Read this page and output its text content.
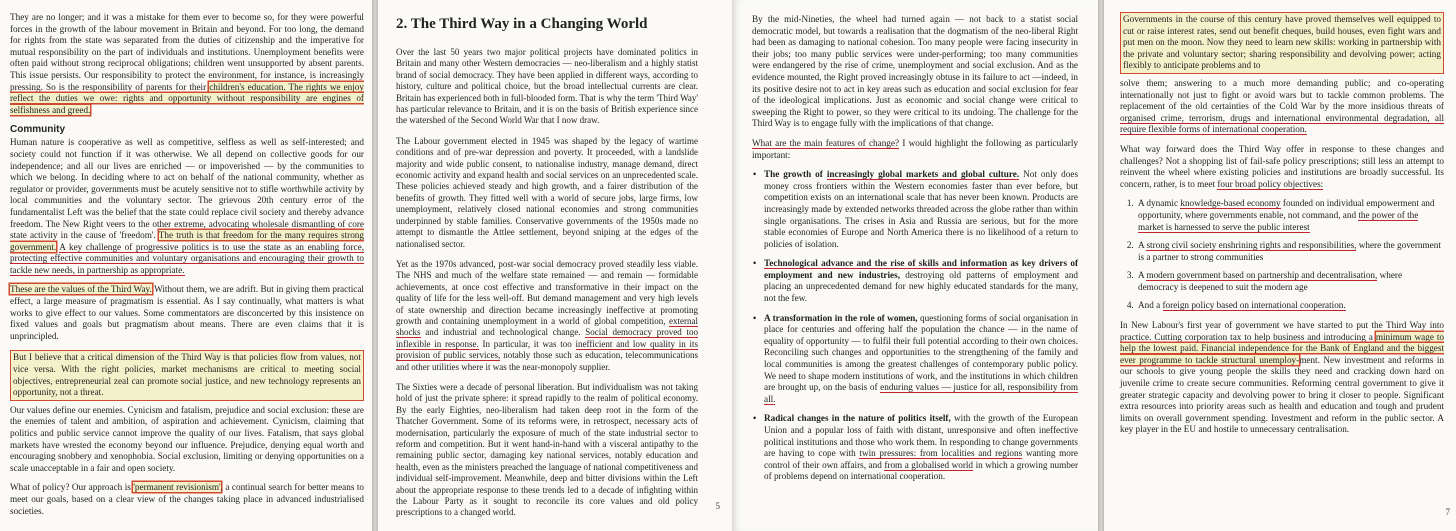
They are no longer; and it was a mistake for them ever to become so, for they were powerful forces in the growth of the labour movement in Britain and beyond. For too long, the demand for rights from the state was separated from the duties of citizenship and the imperative for mutual responsibility on the part of individuals and institutions. Unemployment benefits were often paid without strong reciprocal obligations; children went unsupported by absent parents. This issue persists. Our responsibility to protect the environment, for instance, is increasingly pressing. So is the responsibility of parents for their children's education. The rights we enjoy reflect the duties we owe: rights and opportunity without responsibility are engines of selfishness and greed.

Community

Human nature is cooperative as well as competitive, selfless as well as self-interested; and society could not function if it was otherwise. We all depend on collective goods for our independence; and all our lives are enriched — or impoverished — by the communities to which we belong. In deciding where to act on behalf of the national community, whether as regulator or provider, governments must be acutely sensitive not to stifle worthwhile activity by local communities and the voluntary sector. The grievous 20th century error of the fundamentalist Left was the belief that the state could replace civil society and thereby advance freedom. The New Right veers to the other extreme, advocating wholesale dismantling of core state activity in the cause of 'freedom'. The truth is that freedom for the many requires strong government. A key challenge of progressive politics is to use the state as an enabling force, protecting effective communities and voluntary organisations and encouraging their growth to tackle new needs, in partnership as appropriate.

These are the values of the Third Way. Without them, we are adrift. But in giving them practical effect, a large measure of pragmatism is essential. As I say continually, what matters is what works to give effect to our values. Some commentators are disconcerted by this insistence on fixed values and goals but pragmatism about means. There are even claims that it is unprincipled.

But I believe that a critical dimension of the Third Way is that policies flow from values, not vice versa. With the right policies, market mechanisms are critical to meeting social objectives, entrepreneurial zeal can promote social justice, and new technology represents an opportunity, not a threat.

Our values define our enemies. Cynicism and fatalism, prejudice and social exclusion: these are the enemies of talent and ambition, of aspiration and achievement. Cynicism, claiming that politics and public service cannot improve the quality of our lives. Fatalism, that says global markets have wrested the economy beyond our influence. Prejudice, denying equal worth and encouraging snobbery and xenophobia. Social exclusion, limiting or denying opportunities on a scale unacceptable in a fair and open society.

What of policy? Our approach is 'permanent revisionism', a continual search for better means to meet our goals, based on a clear view of the changes taking place in advanced industrialised societies.

2. The Third Way in a Changing World

Over the last 50 years two major political projects have dominated politics in Britain and many other Western democracies — neo-liberalism and a highly statist brand of social democracy. They have been applied in different ways, according to history, culture and political choice, but the broad intellectual currents are clear. Britain has experienced both in full-blooded form. That is why the term 'Third Way' has particular relevance to Britain, and it is on the basis of British experience since the watershed of the Second World War that I now draw.

The Labour government elected in 1945 was shaped by the legacy of wartime conditions and of pre-war depression and poverty. It proceeded, with a landslide majority and wide public consent, to nationalise industry, manage demand, direct economic activity and expand health and social services on an unprecedented scale. These policies achieved steady and high growth, and a fairer distribution of the benefits of growth. They fitted well with a world of secure jobs, large firms, low unemployment, relatively closed national economies and strong communities underpinned by stable families. Conservative governments of the 1950s made no attempt to dismantle the Attlee settlement, beyond sniping at the edges of the nationalised sector.

Yet as the 1970s advanced, post-war social democracy proved steadily less viable. The NHS and much of the welfare state remained — and remain — formidable achievements, at once cost effective and transformative in their impact on the quality of life for the less well-off. But demand management and very high levels of state ownership and direction became increasingly ineffective at promoting growth and containing unemployment in a world of global competition, external shocks and industrial and technological change. Social democracy proved too inflexible in response. In particular, it was too inefficient and low quality in its provision of public services, notably those such as education, telecommunications and other utilities where it was the near-monopoly supplier.

The Sixties were a decade of personal liberation. But individualism was not taking hold of just the private sphere: it spread rapidly to the realm of political economy. By the early Eighties, neo-liberalism had taken deep root in the form of the Thatcher Government. Some of its reforms were, in retrospect, necessary acts of modernisation, particularly the exposure of much of the state industrial sector to reform and competition. But it went hand-in-hand with a visceral antipathy to the remaining public sector, damaging key national services, notably education and health, even as the ministers preached the language of national competitiveness and individual self-improvement. Meanwhile, deep and bitter divisions within the Left about the appropriate response to these trends led to a decade of infighting within the Labour Party as it sought to reconcile its core values and old policy prescriptions to a changed world.

5

By the mid-Nineties, the wheel had turned again — not back to a statist social democratic model, but towards a realisation that the dogmatism of the neo-liberal Right had been as damaging to national cohesion. Too many people were facing insecurity in their jobs; too many public services were under-performing; too many communities were endangered by the rise of crime, unemployment and social exclusion. And as the evidence mounted, the Right proved increasingly obtuse in its failure to act —indeed, in its positive desire not to act in key areas such as education and social exclusion for fear of the ideological implications. Just as economic and social change were critical to sweeping the Right to power, so they were critical to its undoing. The challenge for the Third Way is to engage fully with the implications of that change.

What are the main features of change? I would highlight the following as particularly important:

• The growth of increasingly global markets and global culture. Not only does money cross frontiers within the Western economies faster than ever before, but competition exists on an international scale that has never been known. Products are increasingly made by extended networks threaded across the globe rather than within single organisations. The crises in Asia and Russia are serious, but for the more stable economies of Europe and North America there is no likelihood of a return to policies of isolation.
• Technological advance and the rise of skills and information as key drivers of employment and new industries, destroying old patterns of employment and placing an unprecedented demand for new highly educated standards for the many, not the few.
• A transformation in the role of women, questioning forms of social organisation in place for centuries and offering half the population the chance — in the name of equality of opportunity — to fulfil their full potential according to their own choices. Reconciling such changes and opportunities to the strengthening of the family and local communities is among the greatest challenges of contemporary public policy. We need to shape modern institutions of work, and the institutions in which children are brought up, on the basis of enduring values — justice for all, responsibility from all.
• Radical changes in the nature of politics itself, with the growth of the European Union and a popular loss of faith with distant, unresponsive and often ineffective political institutions and those who work them. In responding to change governments are having to cope with twin pressures: from localities and regions wanting more control of their own affairs, and from a globalised world in which a growing number of problems depend on international cooperation.

Governments in the course of this century have proved themselves well equipped to cut or raise interest rates, send out benefit cheques, build houses, even fight wars and put men on the moon. Now they need to learn new skills: working in partnership with the private and voluntary sector; sharing responsibility and devolving power; acting flexibly to anticipate problems and to

solve them; answering to a much more demanding public; and co-operating internationally not just to fight or avoid wars but to tackle common problems. The replacement of the old certainties of the Cold War by the more insidious threats of organised crime, terrorism, drugs and international environmental degradation, all require flexible forms of international cooperation.

What way forward does the Third Way offer in response to these changes and challenges? Not a shopping list of fail-safe policy prescriptions; still less an attempt to reinvent the wheel where existing policies and institutions are broadly successful. Its concern, rather, is to meet four broad policy objectives:

1. A dynamic knowledge-based economy founded on individual empowerment and opportunity, where governments enable, not command, and the power of the market is harnessed to serve the public interest
2. A strong civil society enshrining rights and responsibilities, where the government is a partner to strong communities
3. A modern government based on partnership and decentralisation, where democracy is deepened to suit the modern age
4. And a foreign policy based on international cooperation.

In New Labour's first year of government we have started to put the Third Way into practice. Cutting corporation tax to help business and introducing a minimum wage to help the lowest paid. Financial independence for the Bank of England and the biggest ever programme to tackle structural unemploy-ment. New investment and reforms in our schools to give young people the skills they need and cracking down hard on juvenile crime to create secure communities. Reforming central government to give it greater strategic capacity and devolving power to bring it closer to people. Significant extra resources into priority areas such as health and education and tough and prudent limits on overall government spending. Investment and reform in the public sector. A key player in the EU and hostile to unnecessary centralisation.

7
